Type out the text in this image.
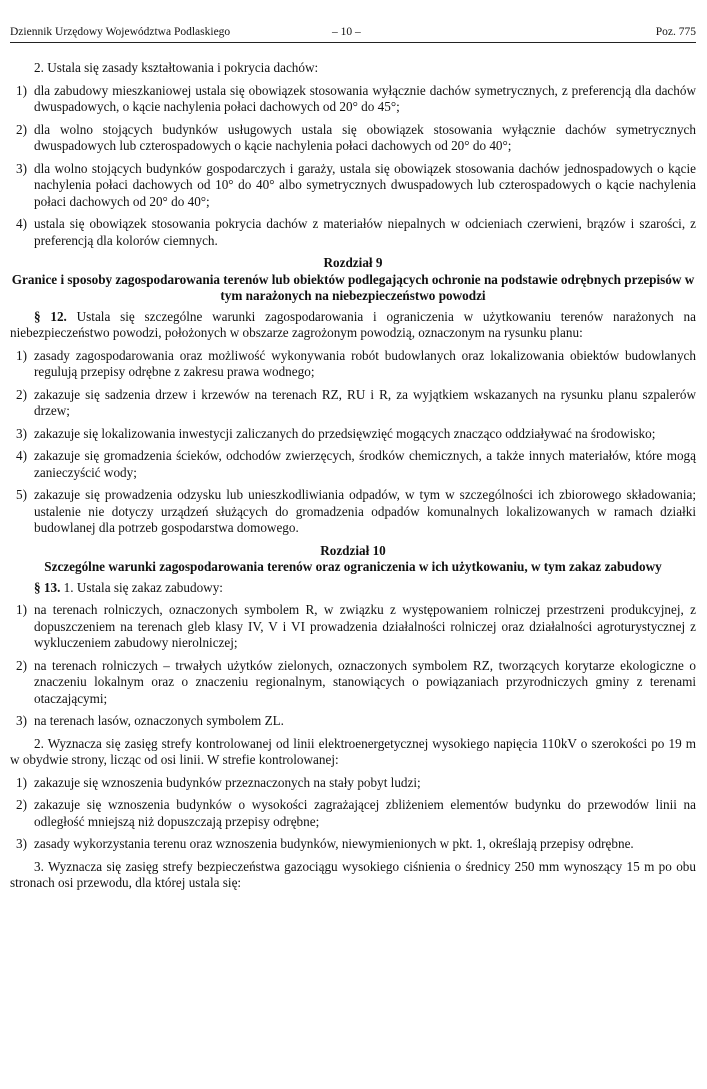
Dziennik Urzędowy Województwa Podlaskiego	– 10 –	Poz. 775

2. Ustala się zasady kształtowania i pokrycia dachów:

1) dla zabudowy mieszkaniowej ustala się obowiązek stosowania wyłącznie dachów symetrycznych, z preferencją dla dachów dwuspadowych, o kącie nachylenia połaci dachowych od 20° do 45°;
2) dla wolno stojących budynków usługowych ustala się obowiązek stosowania wyłącznie dachów symetrycznych dwuspadowych lub czterospadowych o kącie nachylenia połaci dachowych od 20° do 40°;
3) dla wolno stojących budynków gospodarczych i garaży, ustala się obowiązek stosowania dachów jednospadowych o kącie nachylenia połaci dachowych od 10° do 40° albo symetrycznych dwuspadowych lub czterospadowych o kącie nachylenia połaci dachowych od 20° do 40°;
4) ustala się obowiązek stosowania pokrycia dachów z materiałów niepalnych w odcieniach czerwieni, brązów i szarości, z preferencją dla kolorów ciemnych.
Rozdział 9
Granice i sposoby zagospodarowania terenów lub obiektów podlegających ochronie na podstawie odrębnych przepisów w tym narażonych na niebezpieczeństwo powodzi

§ 12. Ustala się szczególne warunki zagospodarowania i ograniczenia w użytkowaniu terenów narażonych na niebezpieczeństwo powodzi, położonych w obszarze zagrożonym powodzią, oznaczonym na rysunku planu:

1) zasady zagospodarowania oraz możliwość wykonywania robót budowlanych oraz lokalizowania obiektów budowlanych regulują przepisy odrębne z zakresu prawa wodnego;
2) zakazuje się sadzenia drzew i krzewów na terenach RZ, RU i R, za wyjątkiem wskazanych na rysunku planu szpalerów drzew;
3) zakazuje się lokalizowania inwestycji zaliczanych do przedsięwzięć mogących znacząco oddziaływać na środowisko;
4) zakazuje się gromadzenia ścieków, odchodów zwierzęcych, środków chemicznych, a także innych materiałów, które mogą zanieczyścić wody;
5) zakazuje się prowadzenia odzysku lub unieszkodliwiania odpadów, w tym w szczególności ich zbiorowego składowania; ustalenie nie dotyczy urządzeń służących do gromadzenia odpadów komunalnych lokalizowanych w ramach działki budowlanej dla potrzeb gospodarstwa domowego.
Rozdział 10
Szczególne warunki zagospodarowania terenów oraz ograniczenia w ich użytkowaniu, w tym zakaz zabudowy

§ 13. 1. Ustala się zakaz zabudowy:

1) na terenach rolniczych, oznaczonych symbolem R, w związku z występowaniem rolniczej przestrzeni produkcyjnej, z dopuszczeniem na terenach gleb klasy IV, V i VI prowadzenia działalności rolniczej oraz działalności agroturystycznej z wykluczeniem zabudowy nierolniczej;
2) na terenach rolniczych – trwałych użytków zielonych, oznaczonych symbolem RZ, tworzących korytarze ekologiczne o znaczeniu lokalnym oraz o znaczeniu regionalnym, stanowiących o powiązaniach przyrodniczych gminy z terenami otaczającymi;
3) na terenach lasów, oznaczonych symbolem ZL.

2. Wyznacza się zasięg strefy kontrolowanej od linii elektroenergetycznej wysokiego napięcia 110kV o szerokości po 19 m w obydwie strony, licząc od osi linii. W strefie kontrolowanej:

1) zakazuje się wznoszenia budynków przeznaczonych na stały pobyt ludzi;
2) zakazuje się wznoszenia budynków o wysokości zagrażającej zbliżeniem elementów budynku do przewodów linii na odległość mniejszą niż dopuszczają przepisy odrębne;
3) zasady wykorzystania terenu oraz wznoszenia budynków, niewymienionych w pkt. 1, określają przepisy odrębne.

3. Wyznacza się zasięg strefy bezpieczeństwa gazociągu wysokiego ciśnienia o średnicy 250 mm wynoszący 15 m po obu stronach osi przewodu, dla której ustala się:
